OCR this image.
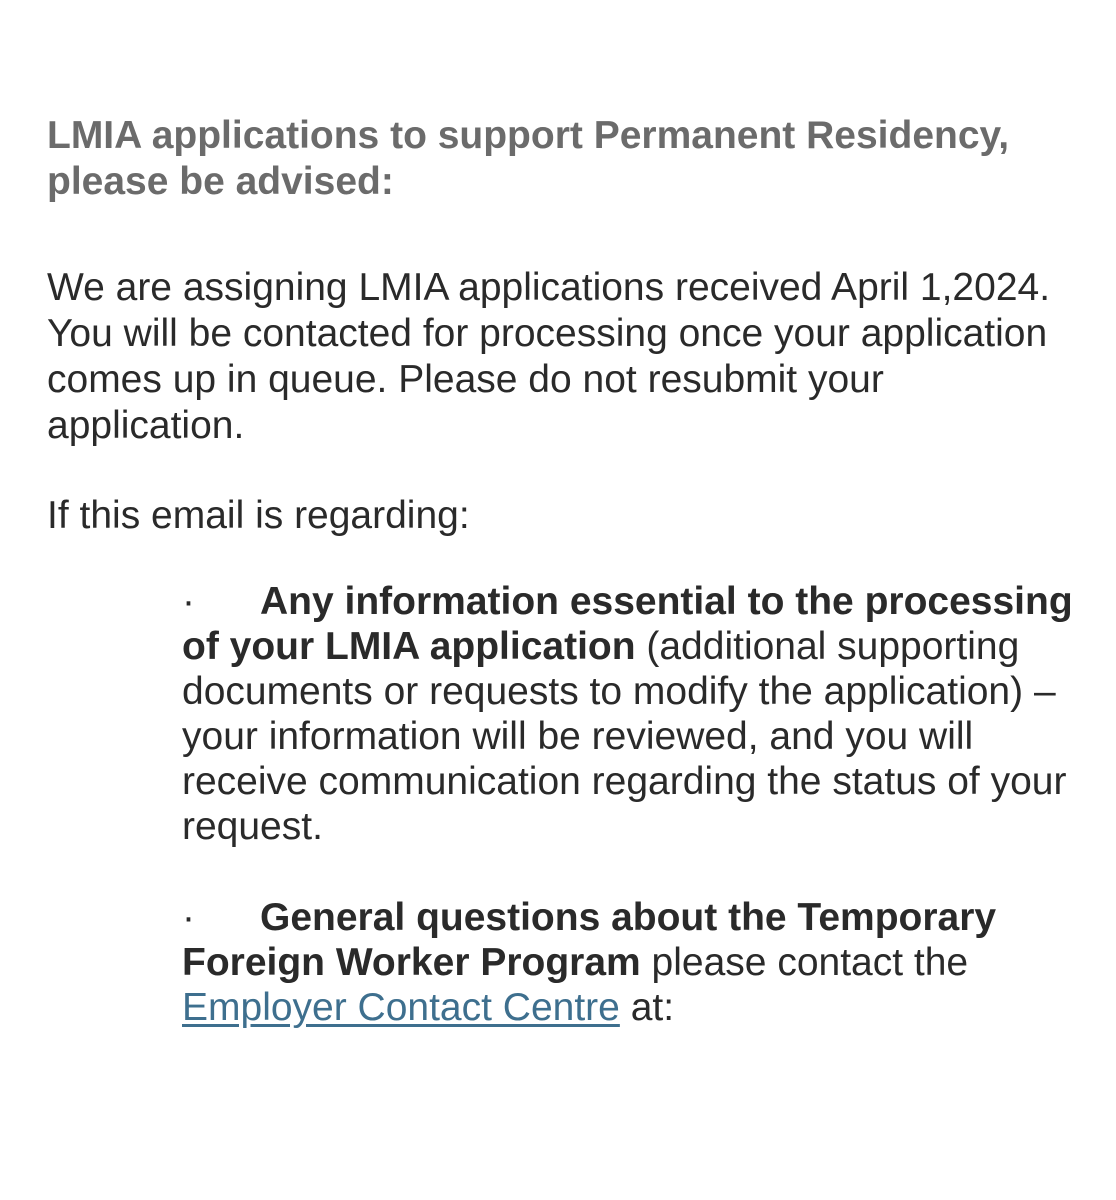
LMIA applications to support Permanent Residency, please be advised:

We are assigning LMIA applications received April 1,2024. You will be contacted for processing once your application comes up in queue. Please do not resubmit your application.

If this email is regarding:

· Any information essential to the processing of your LMIA application (additional supporting documents or requests to modify the application) – your information will be reviewed, and you will receive communication regarding the status of your request.
· General questions about the Temporary Foreign Worker Program please contact the Employer Contact Centre at:
